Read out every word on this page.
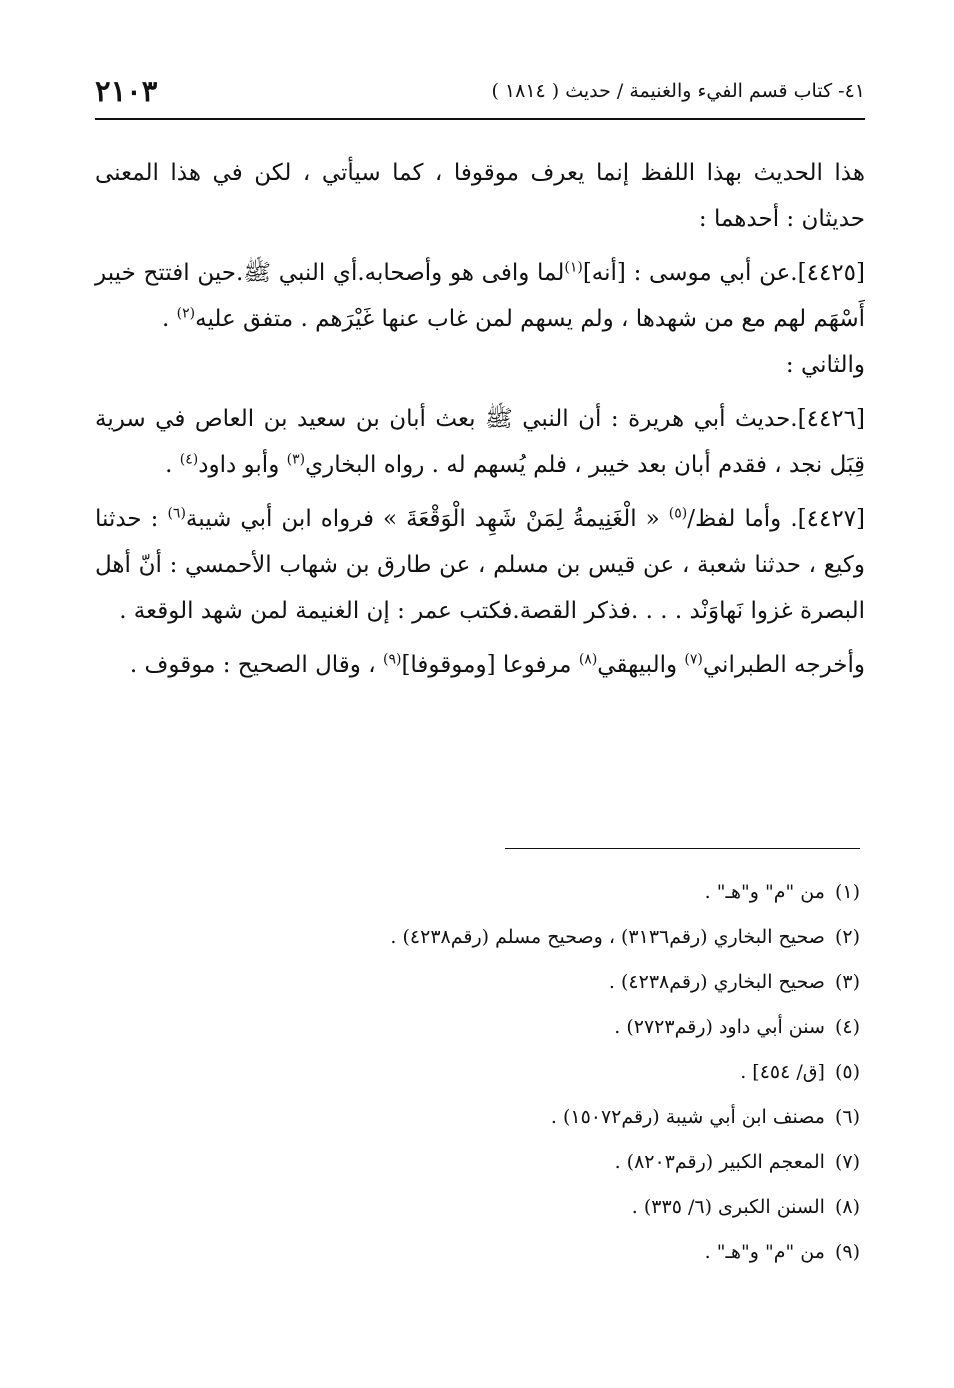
٤١- كتاب قسم الفيء والغنيمة / حديث ( ١٨١٤ )
٢١٠٣

هذا الحديث بهذا اللفظ إنما يعرف موقوفا ، كما سيأتي ، لكن في هذا المعنى حديثان : أحدهما :

[٤٤٢٥].عن أبي موسى : [أنه]$^{(١)}$لما وافى هو وأصحابه.أي النبي ﷺ.حين افتتح خيبر أَسْهَم لهم مع من شهدها ، ولم يسهم لمن غاب عنها غَيْرَهم . متفق عليه$^{(٢)}$ .

والثاني :

[٤٤٢٦].حديث أبي هريرة : أن النبي ﷺ بعث أبان بن سعيد بن العاص في سرية قِبَل نجد ، فقدم أبان بعد خيبر ، فلم يُسهم له . رواه البخاري$^{(٣)}$ وأبو داود$^{(٤)}$ .

[٤٤٢٧]. وأما لفظ/$^{(٥)}$ « الْغَنِيمةُ لِمَنْ شَهِد الْوَقْعَةَ » فرواه ابن أبي شيبة$^{(٦)}$ : حدثنا وكيع ، حدثنا شعبة ، عن قيس بن مسلم ، عن طارق بن شهاب الأحمسي : أنّ أهل البصرة غزوا نَهاوَنْد . . . .فذكر القصة.فكتب عمر : إن الغنيمة لمن شهد الوقعة .

وأخرجه الطبراني$^{(٧)}$ والبيهقي$^{(٨)}$ مرفوعا [وموقوفا]$^{(٩)}$ ، وقال الصحيح : موقوف .

(١)من "م" و"هـ" .
(٢)صحيح البخاري (رقم٣١٣٦) ، وصحيح مسلم (رقم٤٢٣٨) .
(٣)صحيح البخاري (رقم٤٢٣٨) .
(٤)سنن أبي داود (رقم٢٧٢٣) .
(٥)[ق/ ٤٥٤] .
(٦)مصنف ابن أبي شيبة (رقم١٥٠٧٢) .
(٧)المعجم الكبير (رقم٨٢٠٣) .
(٨)السنن الكبرى (٦/ ٣٣٥) .
(٩)من "م" و"هـ" .
